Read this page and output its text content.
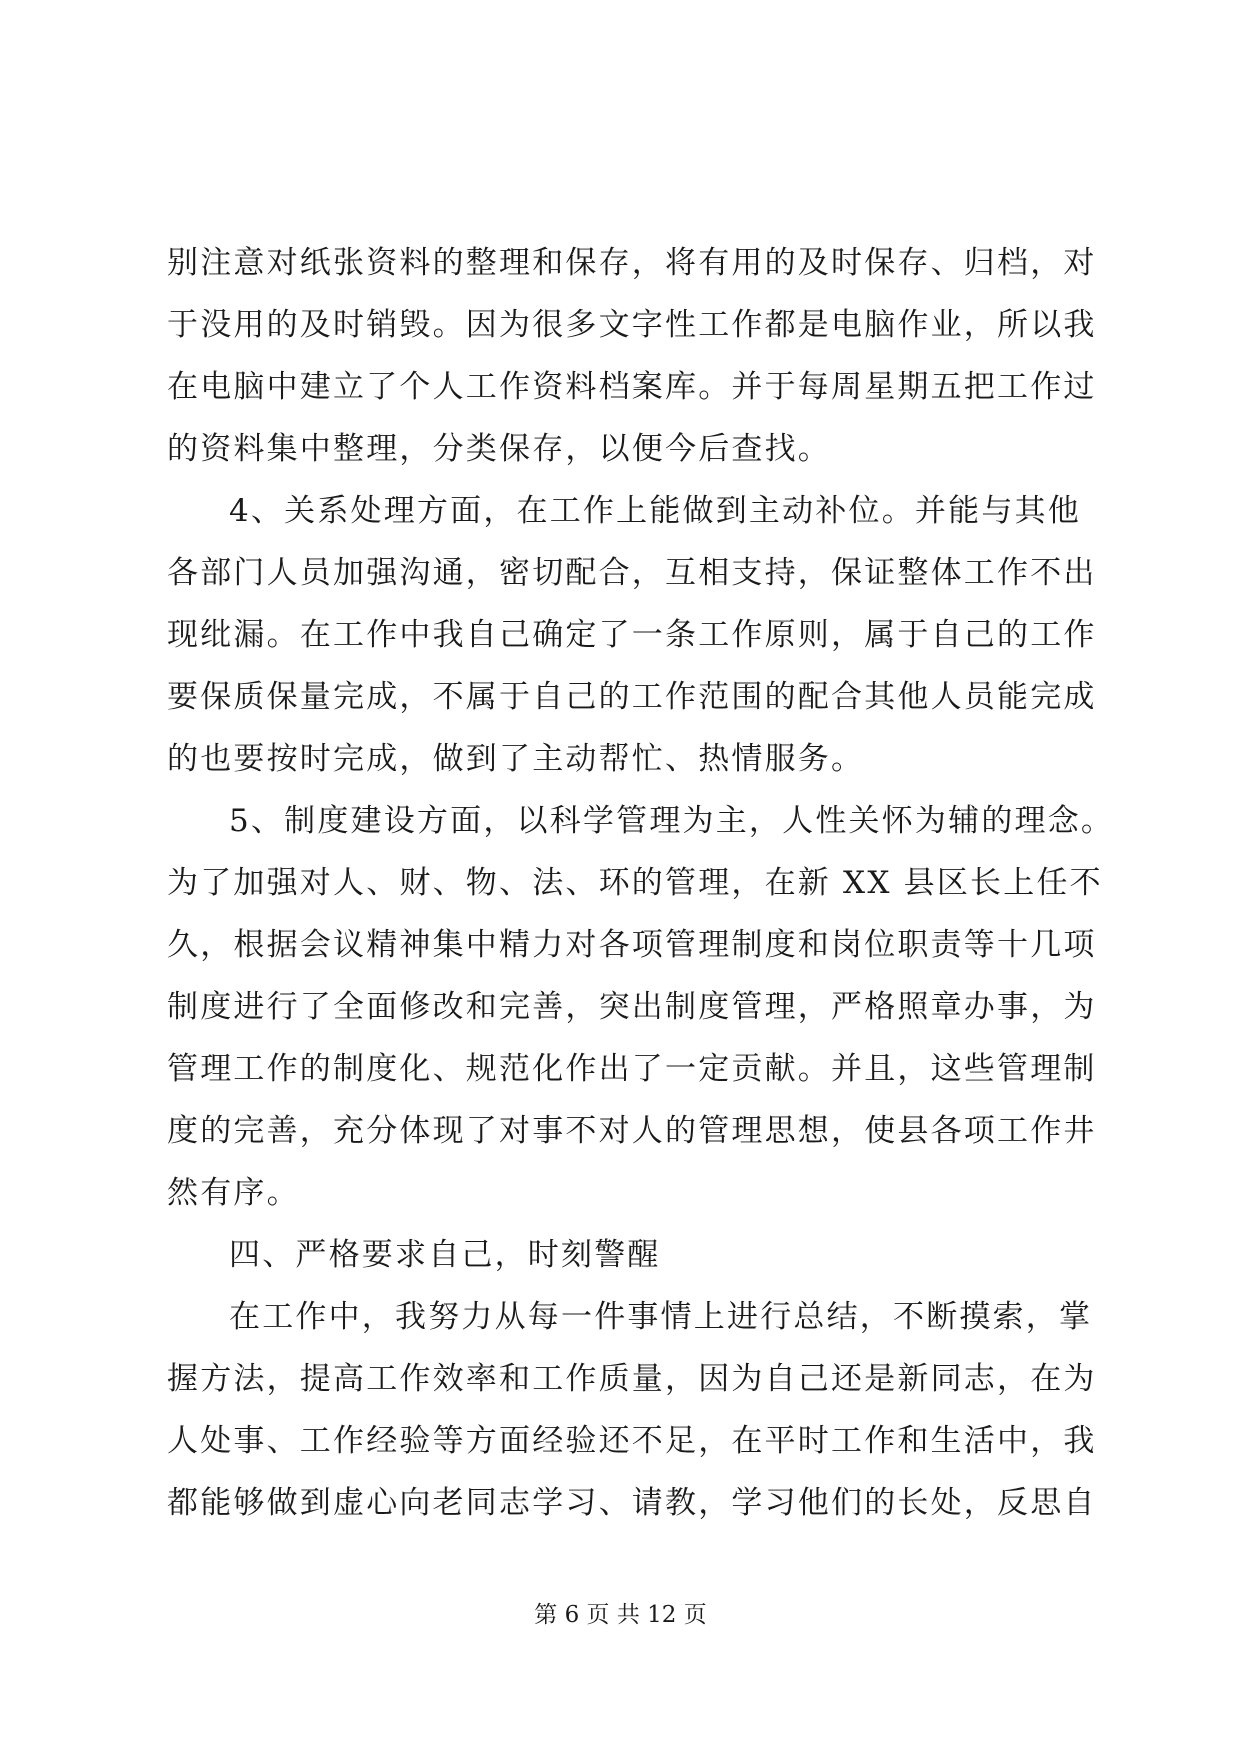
别注意对纸张资料的整理和保存，将有用的及时保存、归档，对
于没用的及时销毁。因为很多文字性工作都是电脑作业，所以我
在电脑中建立了个人工作资料档案库。并于每周星期五把工作过
的资料集中整理，分类保存，以便今后查找。
4、关系处理方面，在工作上能做到主动补位。并能与其他
各部门人员加强沟通，密切配合，互相支持，保证整体工作不出
现纰漏。在工作中我自己确定了一条工作原则，属于自己的工作
要保质保量完成，不属于自己的工作范围的配合其他人员能完成
的也要按时完成，做到了主动帮忙、热情服务。
5、制度建设方面，以科学管理为主，人性关怀为辅的理念。
为了加强对人、财、物、法、环的管理，在新 XX 县区长上任不
久，根据会议精神集中精力对各项管理制度和岗位职责等十几项
制度进行了全面修改和完善，突出制度管理，严格照章办事，为
管理工作的制度化、规范化作出了一定贡献。并且，这些管理制
度的完善，充分体现了对事不对人的管理思想，使县各项工作井
然有序。
四、严格要求自己，时刻警醒
在工作中，我努力从每一件事情上进行总结，不断摸索，掌
握方法，提高工作效率和工作质量，因为自己还是新同志，在为
人处事、工作经验等方面经验还不足，在平时工作和生活中，我
都能够做到虚心向老同志学习、请教，学习他们的长处，反思自
第 6 页 共 12 页
